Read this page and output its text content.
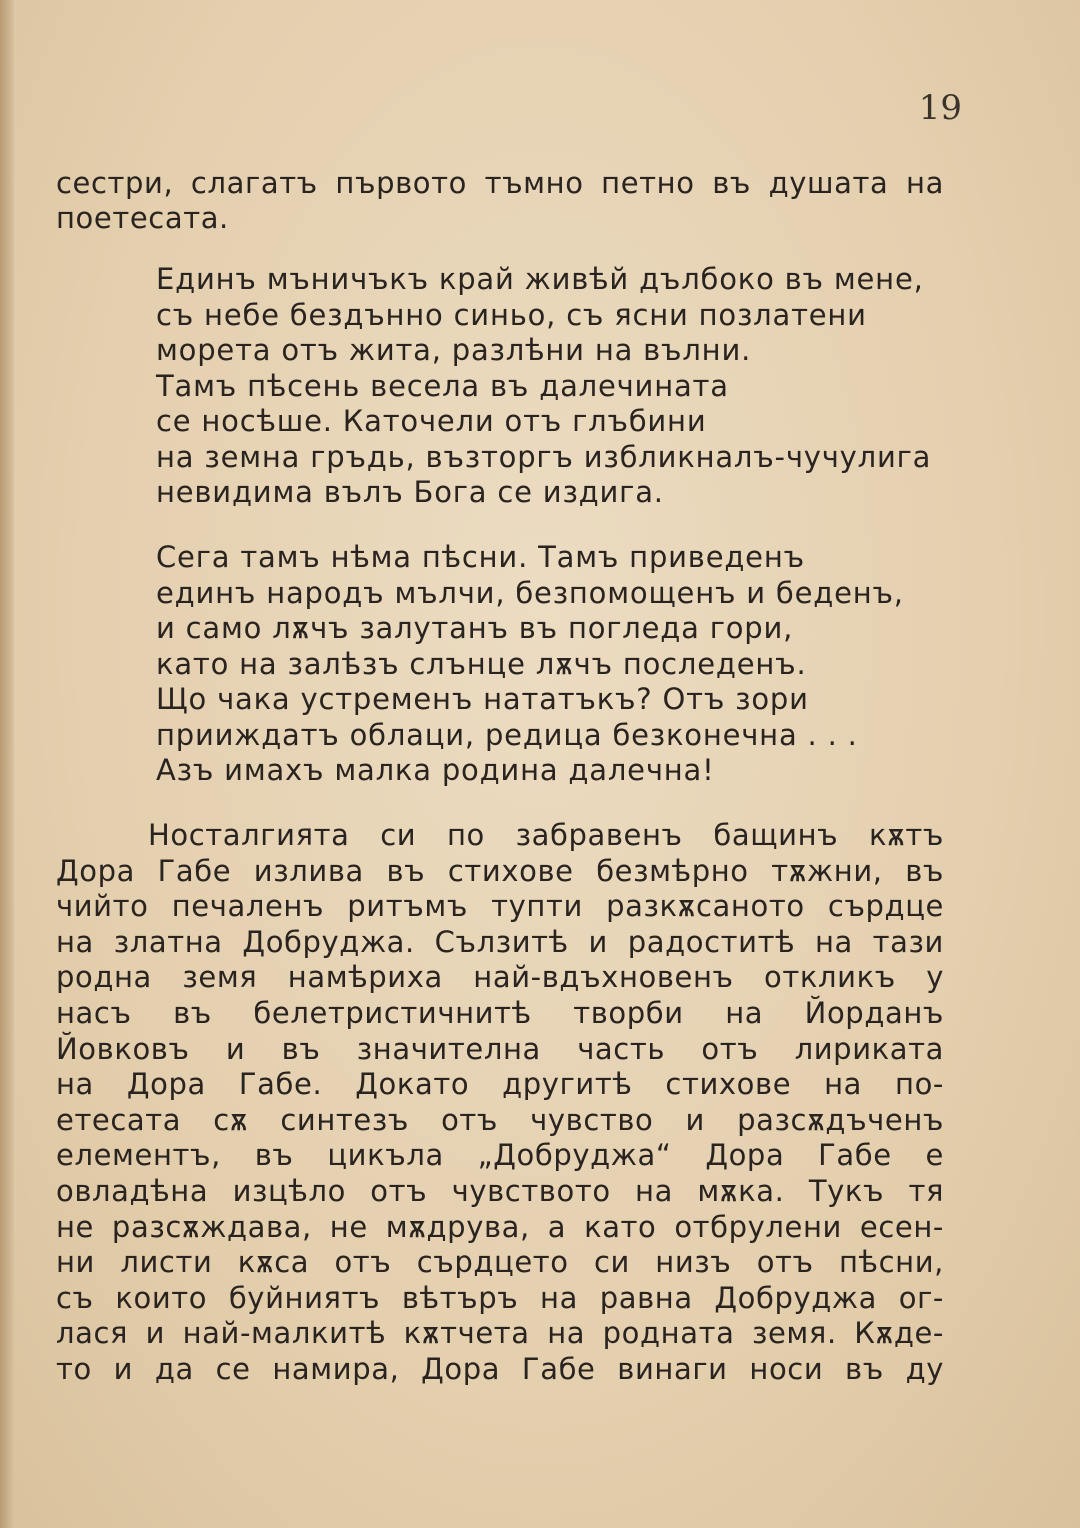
19
сестри, слагатъ първото тъмно петно въ душата на
поетесата.
Единъ мъничъкъ край живѣй дълбоко въ мене,
съ небе бездънно синьо, съ ясни позлатени
морета отъ жита, разлѣни на вълни.
Тамъ пѣсень весела въ далечината
се носѣше. Каточели отъ глъбини
на земна гръдь, възторгъ избликналъ-чучулига
невидима вълъ Бога се издига.
Сега тамъ нѣма пѣсни. Тамъ приведенъ
единъ народъ мълчи, безпомощенъ и беденъ,
и само лѫчъ залутанъ въ погледа гори,
като на залѣзъ слънце лѫчъ последенъ.
Що чака устременъ нататъкъ? Отъ зори
прииждатъ облаци, редица безконечна . . .
Азъ имахъ малка родина далечна!
Носталгията си по забравенъ бащинъ кѫтъ
Дора Габе излива въ стихове безмѣрно тѫжни, въ
чийто печаленъ ритъмъ тупти разкѫсаното сърдце
на златна Добруджа. Сълзитѣ и радоститѣ на тази
родна земя намѣриха най-вдъхновенъ откликъ у
насъ въ белетристичнитѣ творби на Йорданъ
Йовковъ и въ значителна часть отъ лириката
на Дора Габе. Докато другитѣ стихове на по-
етесата сѫ синтезъ отъ чувство и разсѫдъченъ
елементъ, въ цикъла „Добруджа“ Дора Габе е
овладѣна изцѣло отъ чувството на мѫка. Тукъ тя
не разсѫждава, не мѫдрува, а като отбрулени есен-
ни листи кѫса отъ сърдцето си низъ отъ пѣсни,
съ които буйниятъ вѣтъръ на равна Добруджа ог-
лася и най-малкитѣ кѫтчета на родната земя. Кѫде-
то и да се намира, Дора Габе винаги носи въ ду
